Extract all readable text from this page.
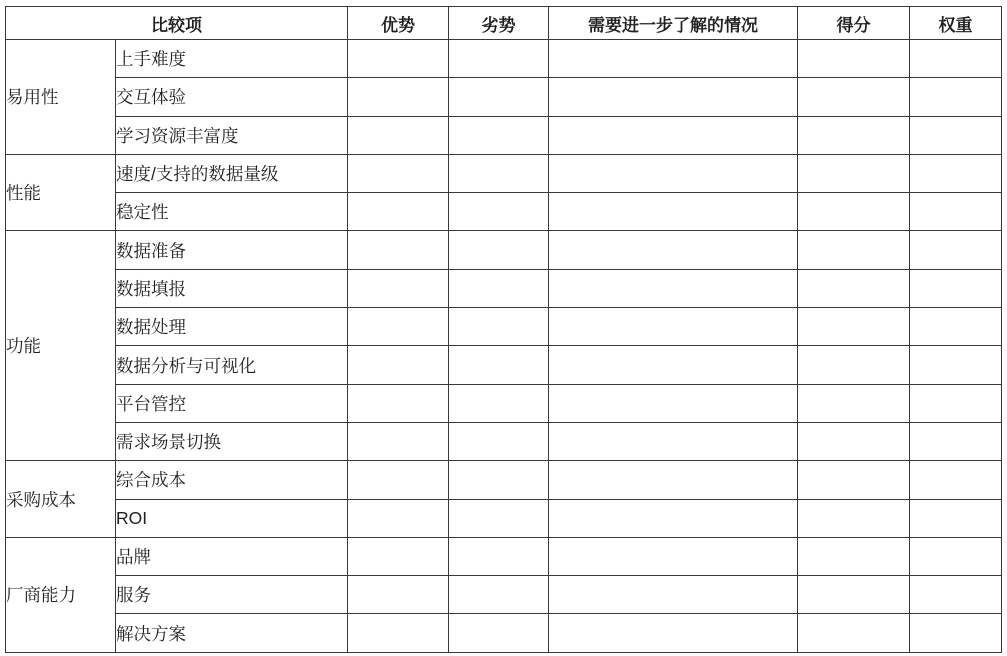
比较项		优势	劣势	需要进一步了解的情况	得分	权重
易用性	上手难度					
	交互体验					
	学习资源丰富度					
性能	速度/支持的数据量级					
	稳定性					
功能	数据准备					
	数据填报					
	数据处理					
	数据分析与可视化					
	平台管控					
	需求场景切换					
采购成本	综合成本					
	ROI					
厂商能力	品牌					
	服务					
	解决方案					
